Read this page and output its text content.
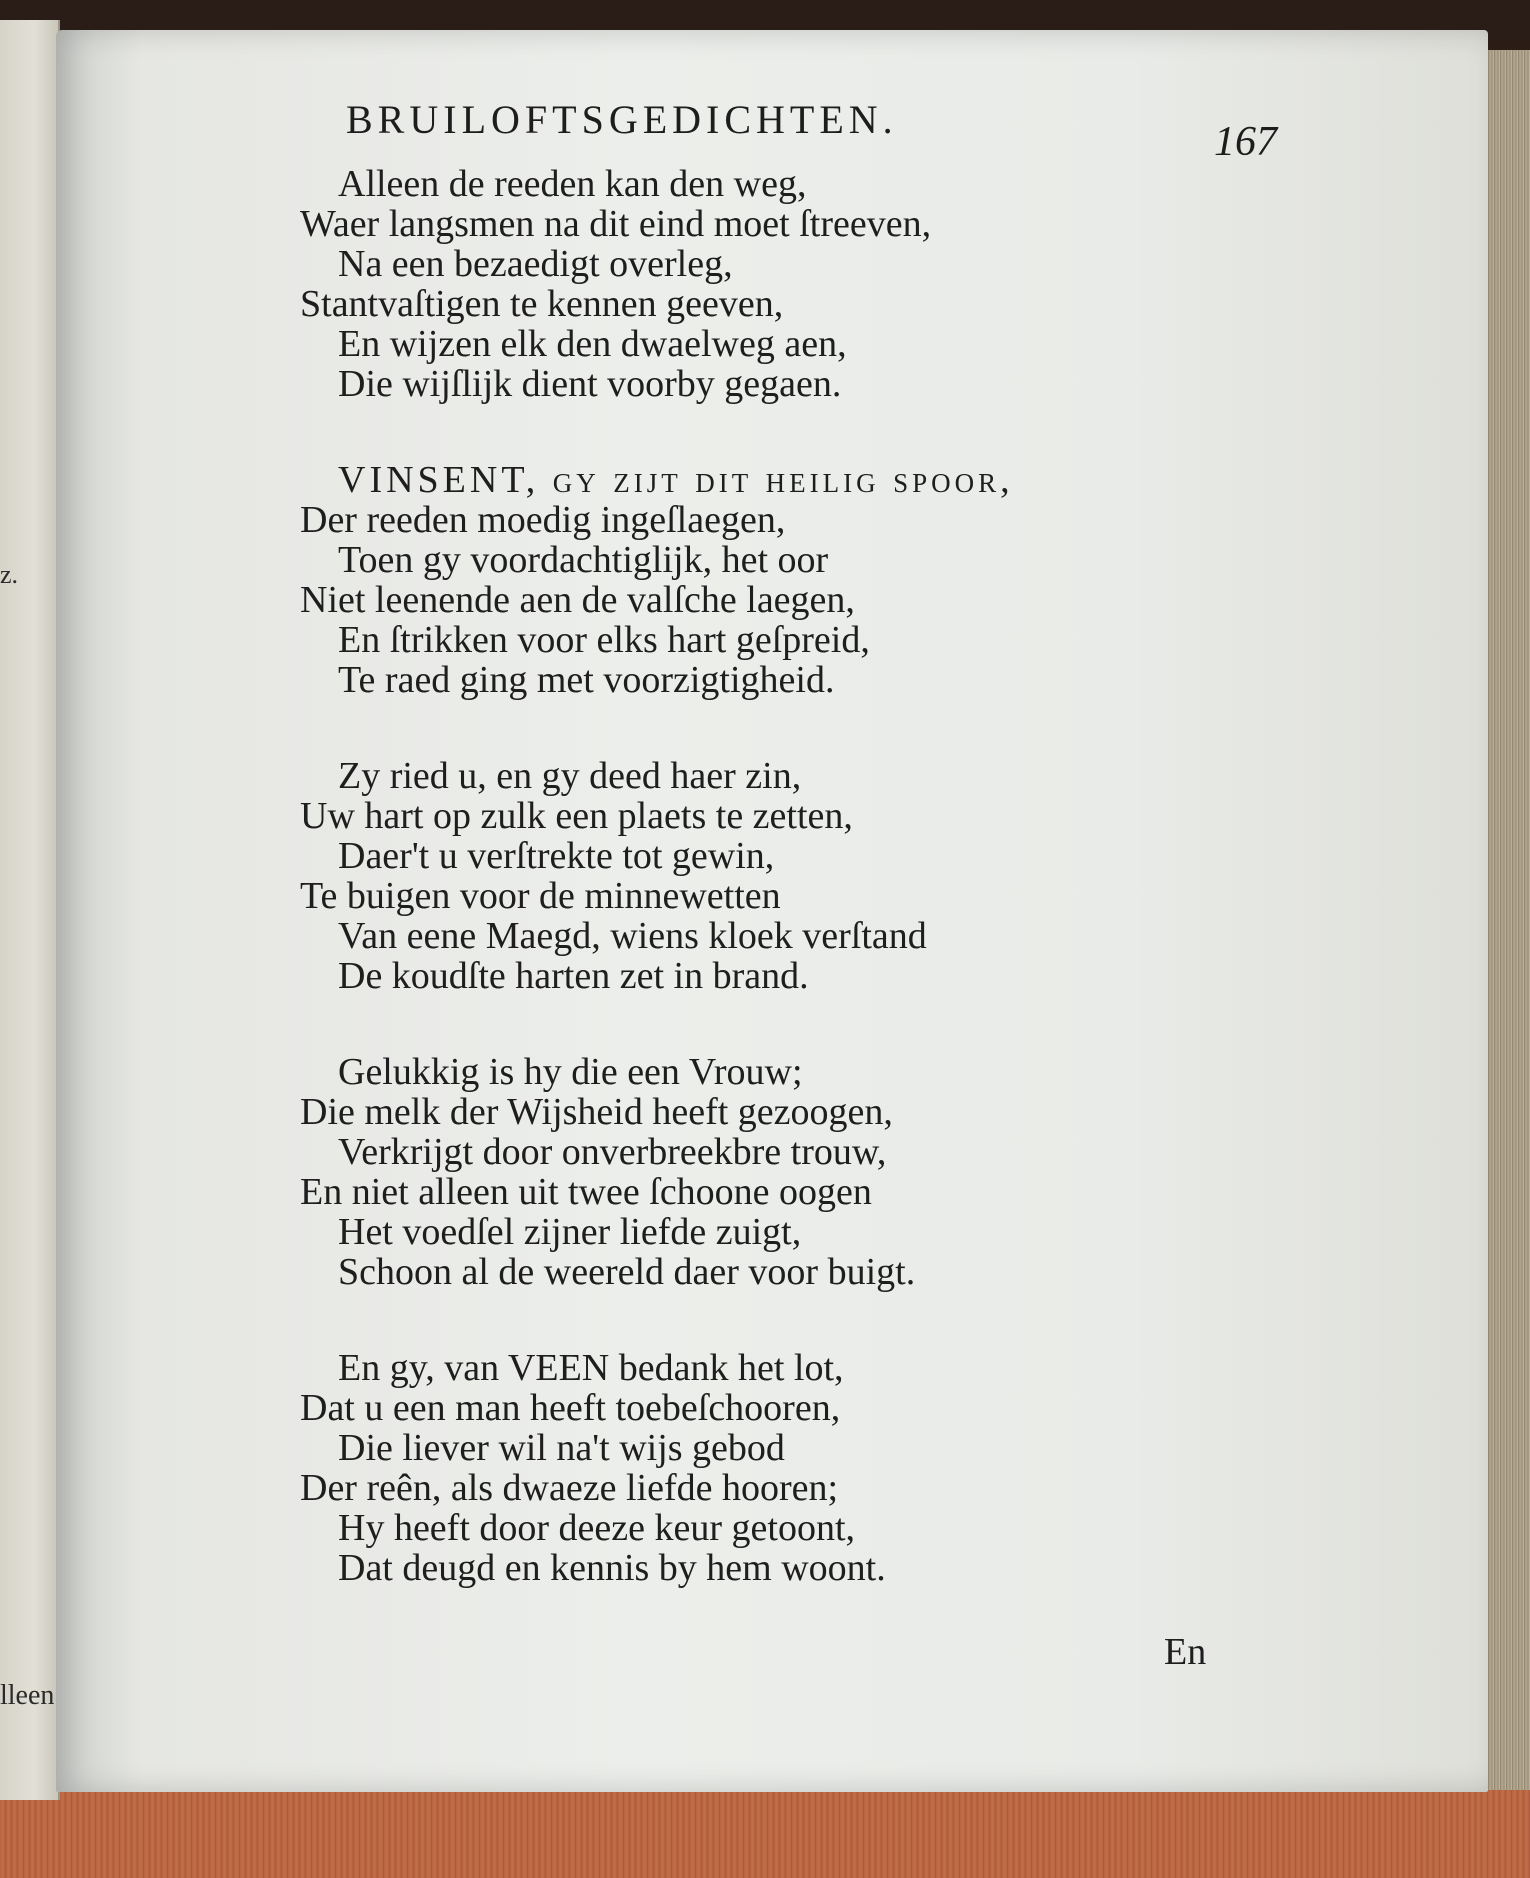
z.
lleen
BRUILOFTSGEDICHTEN.	167
Alleen de reeden kan den weg,
Waer langsmen na dit eind moet ſtreeven,
Na een bezaedigt overleg,
Stantvaſtigen te kennen geeven,
En wijzen elk den dwaelweg aen,
Die wijſlijk dient voorby gegaen.
VINSENT, gy zijt dit heilig ſpoor,
Der reeden moedig ingeſlaegen,
Toen gy voordachtiglijk, het oor
Niet leenende aen de valſche laegen,
En ſtrikken voor elks hart geſpreid,
Te raed ging met voorzigtigheid.
Zy ried u, en gy deed haer zin,
Uw hart op zulk een plaets te zetten,
Daer't u verſtrekte tot gewin,
Te buigen voor de minnewetten
Van eene Maegd, wiens kloek verſtand
De koudſte harten zet in brand.
Gelukkig is hy die een Vrouw;
Die melk der Wijsheid heeft gezoogen,
Verkrijgt door onverbreekbre trouw,
En niet alleen uit twee ſchoone oogen
Het voedſel zijner liefde zuigt,
Schoon al de weereld daer voor buigt.
En gy, van VEEN bedank het lot,
Dat u een man heeft toebeſchooren,
Die liever wil na't wijs gebod
Der reên, als dwaeze liefde hooren;
Hy heeft door deeze keur getoont,
Dat deugd en kennis by hem woont.
En
